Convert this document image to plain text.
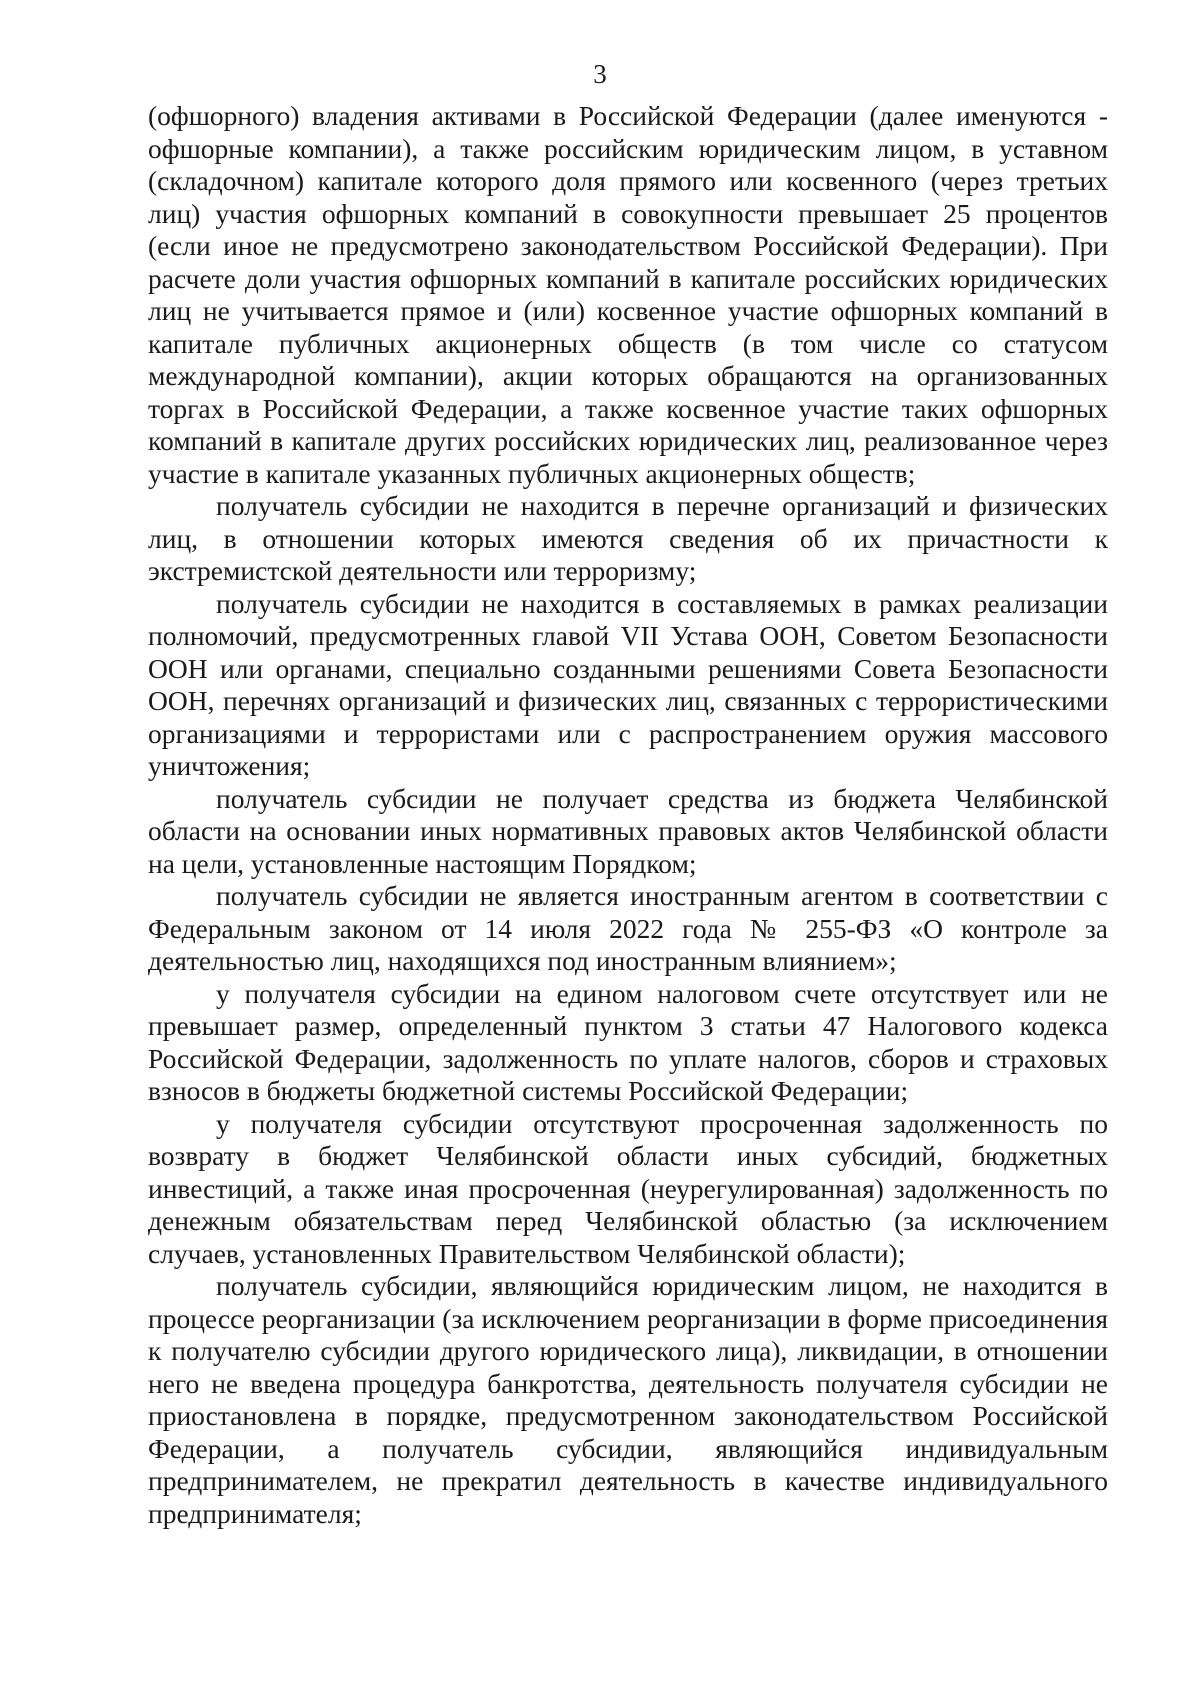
3

(офшорного) владения активами в Российской Федерации (далее именуются - офшорные компании), а также российским юридическим лицом, в уставном (складочном) капитале которого доля прямого или косвенного (через третьих лиц) участия офшорных компаний в совокупности превышает 25 процентов (если иное не предусмотрено законодательством Российской Федерации). При расчете доли участия офшорных компаний в капитале российских юридических лиц не учитывается прямое и (или) косвенное участие офшорных компаний в капитале публичных акционерных обществ (в том числе со статусом международной компании), акции которых обращаются на организованных торгах в Российской Федерации, а также косвенное участие таких офшорных компаний в капитале других российских юридических лиц, реализованное через участие в капитале указанных публичных акционерных обществ;

получатель субсидии не находится в перечне организаций и физических лиц, в отношении которых имеются сведения об их причастности к экстремистской деятельности или терроризму;

получатель субсидии не находится в составляемых в рамках реализации полномочий, предусмотренных главой VII Устава ООН, Советом Безопасности ООН или органами, специально созданными решениями Совета Безопасности ООН, перечнях организаций и физических лиц, связанных с террористическими организациями и террористами или с распространением оружия массового уничтожения;

получатель субсидии не получает средства из бюджета Челябинской области на основании иных нормативных правовых актов Челябинской области на цели, установленные настоящим Порядком;

получатель субсидии не является иностранным агентом в соответствии с Федеральным законом от 14 июля 2022 года № 255-ФЗ «О контроле за деятельностью лиц, находящихся под иностранным влиянием»;

у получателя субсидии на едином налоговом счете отсутствует или не превышает размер, определенный пунктом 3 статьи 47 Налогового кодекса Российской Федерации, задолженность по уплате налогов, сборов и страховых взносов в бюджеты бюджетной системы Российской Федерации;

у получателя субсидии отсутствуют просроченная задолженность по возврату в бюджет Челябинской области иных субсидий, бюджетных инвестиций, а также иная просроченная (неурегулированная) задолженность по денежным обязательствам перед Челябинской областью (за исключением случаев, установленных Правительством Челябинской области);

получатель субсидии, являющийся юридическим лицом, не находится в процессе реорганизации (за исключением реорганизации в форме присоединения к получателю субсидии другого юридического лица), ликвидации, в отношении него не введена процедура банкротства, деятельность получателя субсидии не приостановлена в порядке, предусмотренном законодательством Российской Федерации, а получатель субсидии, являющийся индивидуальным предпринимателем, не прекратил деятельность в качестве индивидуального предпринимателя;
